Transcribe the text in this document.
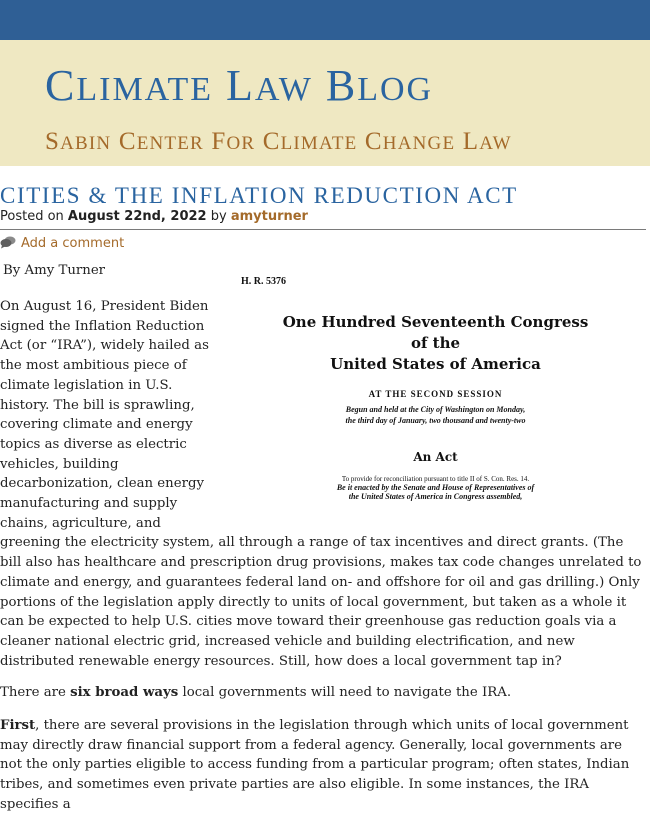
CLIMATE LAW BLOG
SABIN CENTER FOR CLIMATE CHANGE LAW
CITIES & THE INFLATION REDUCTION ACT
Posted on August 22nd, 2022 by amyturner
Add a comment
H. R. 5376
One Hundred Seventeenth Congress
of the
United States of America
AT THE SECOND SESSION
Begun and held at the City of Washington on Monday,
the third day of January, two thousand and twenty-two
An Act
To provide for reconciliation pursuant to title II of S. Con. Res. 14.
Be it enacted by the Senate and House of Representatives of
the United States of America in Congress assembled,
By Amy Turner

On August 16, President Biden signed the Inflation Reduction Act (or “IRA”), widely hailed as the most ambitious piece of climate legislation in U.S. history. The bill is sprawling, covering climate and energy topics as diverse as electric vehicles, building decarbonization, clean energy manufacturing and supply chains, agriculture, and greening the electricity system, all through a range of tax incentives and direct grants. (The bill also has healthcare and prescription drug provisions, makes tax code changes unrelated to climate and energy, and guarantees federal land on- and offshore for oil and gas drilling.) Only portions of the legislation apply directly to units of local government, but taken as a whole it can be expected to help U.S. cities move toward their greenhouse gas reduction goals via a cleaner national electric grid, increased vehicle and building electrification, and new distributed renewable energy resources. Still, how does a local government tap in?

There are six broad ways local governments will need to navigate the IRA.

First, there are several provisions in the legislation through which units of local government may directly draw financial support from a federal agency. Generally, local governments are not the only parties eligible to access funding from a particular program; often states, Indian tribes, and sometimes even private parties are also eligible. In some instances, the IRA specifies a
